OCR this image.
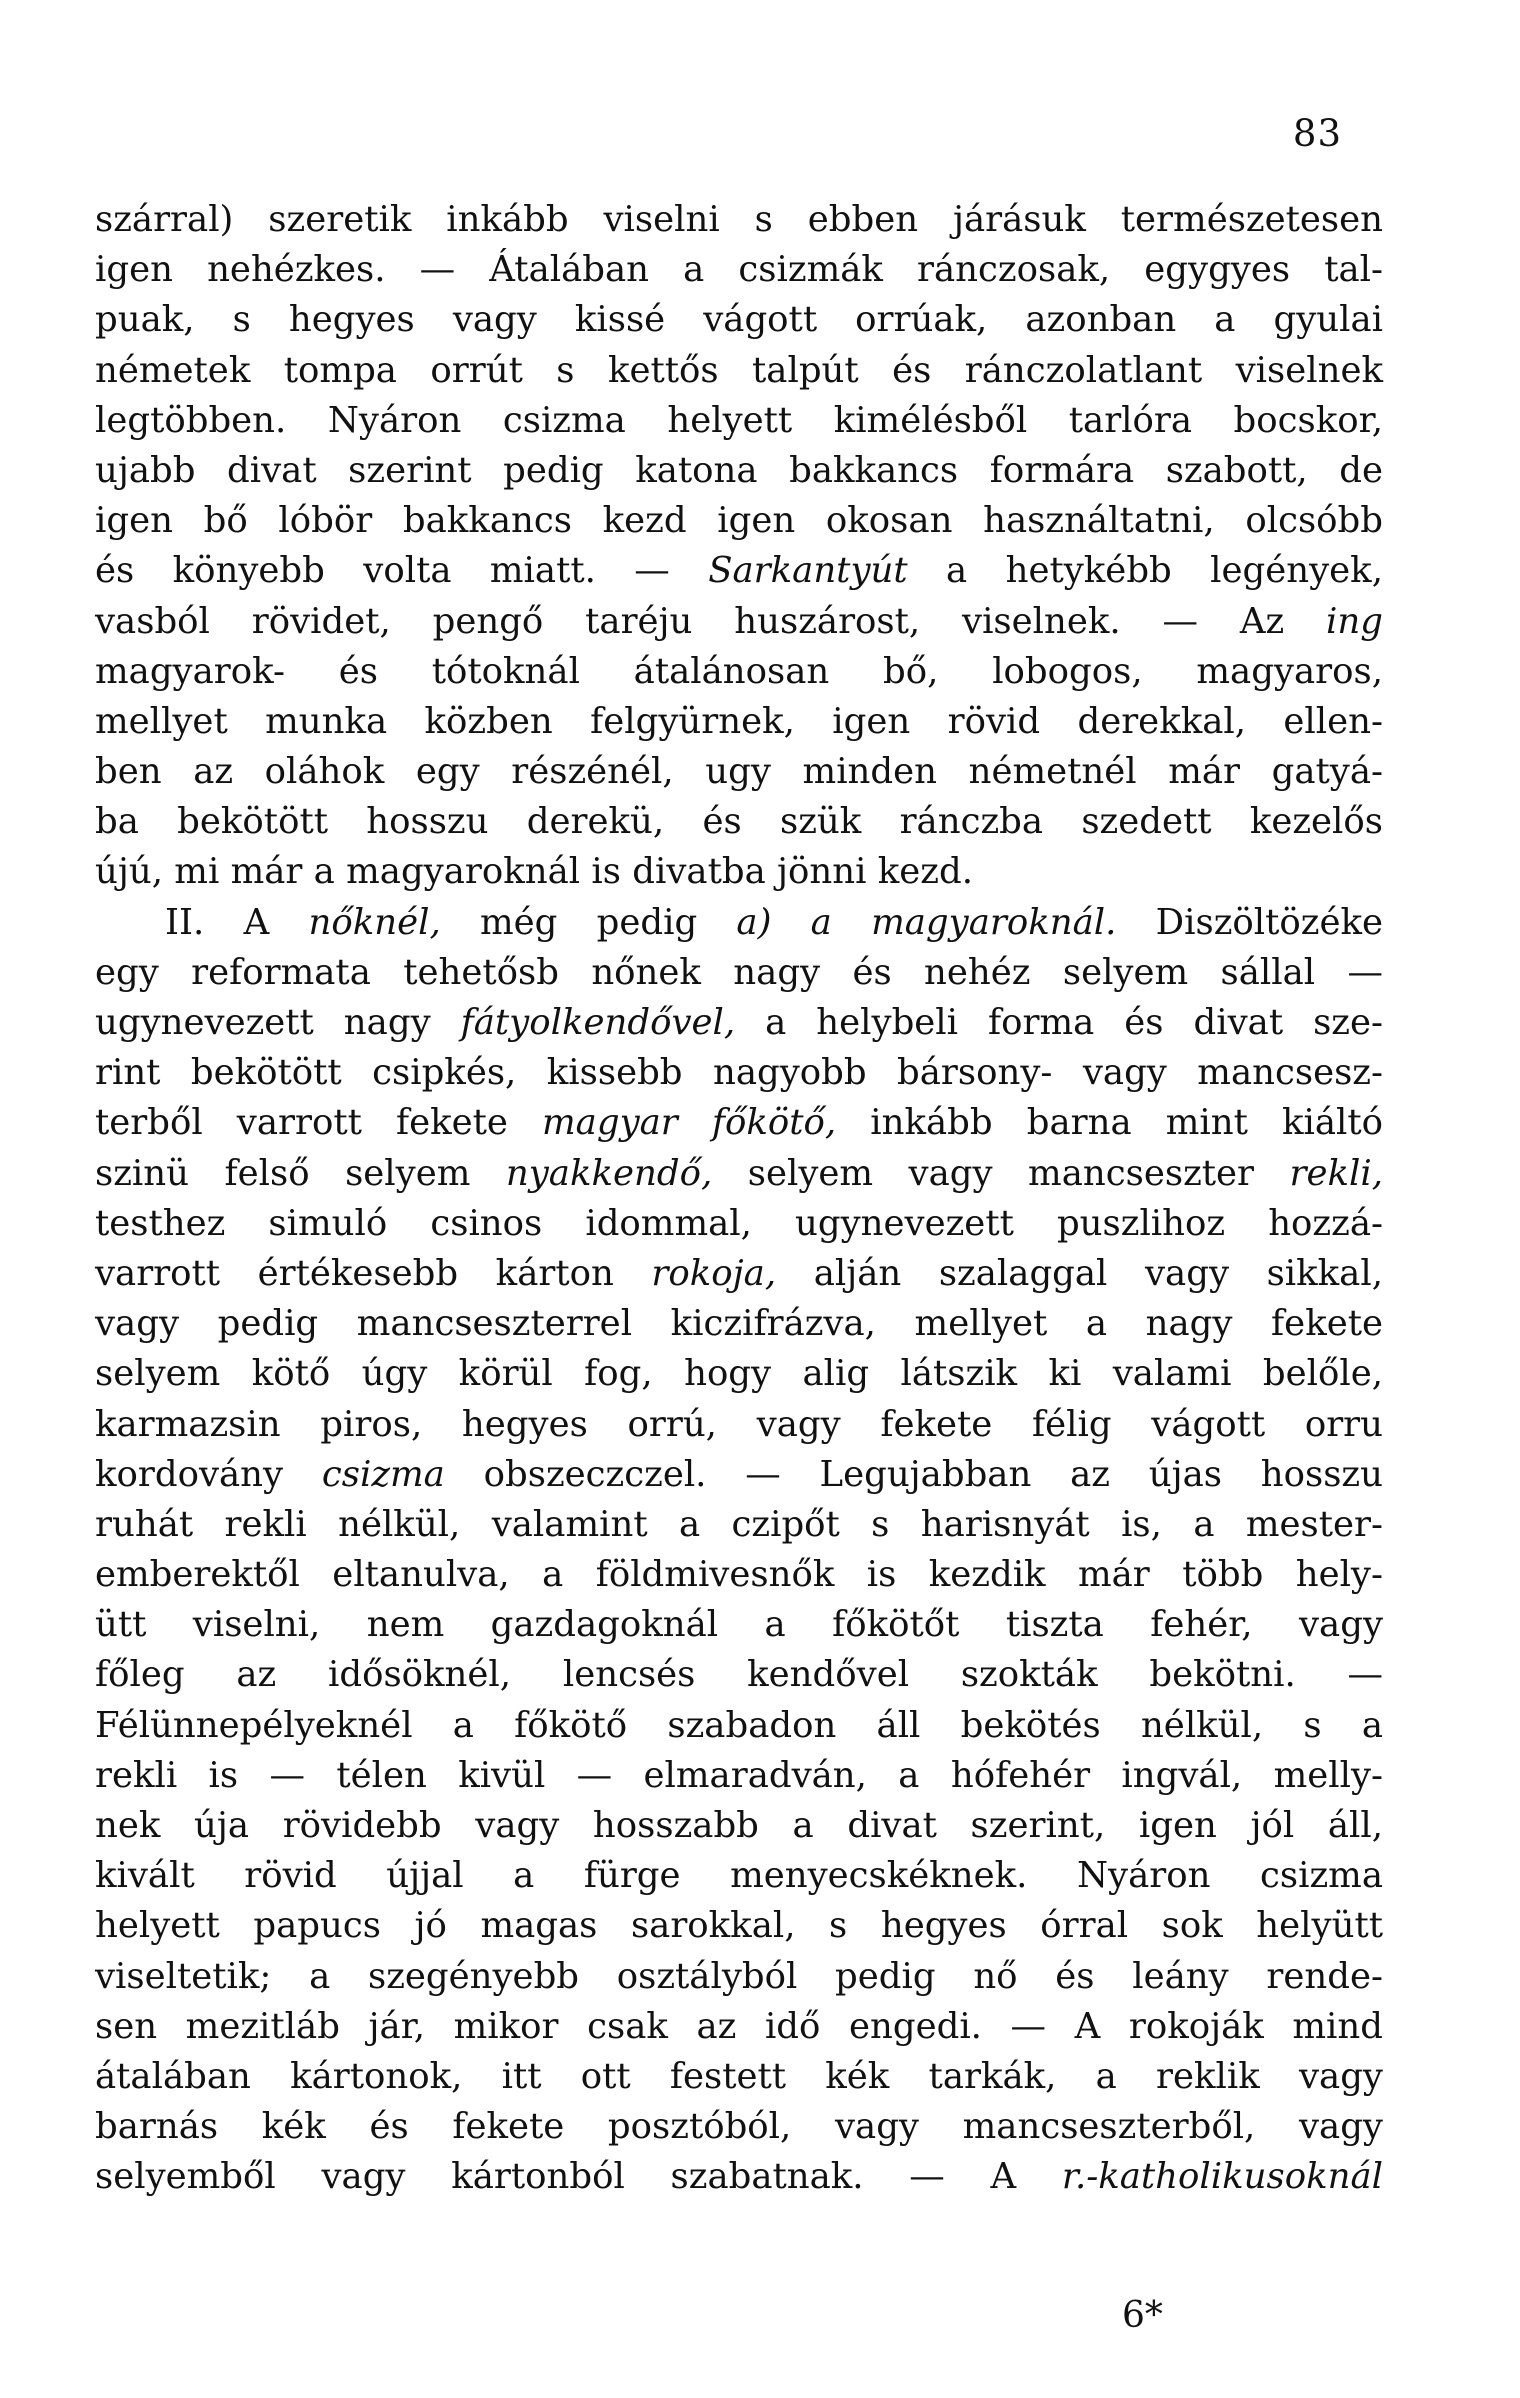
83
szárral) szeretik inkább viselni s ebben járásuk természetesen
igen nehézkes. — Átalában a csizmák ránczosak, egygyes tal-
puak, s hegyes vagy kissé vágott orrúak, azonban a gyulai
németek tompa orrút s kettős talpút és ránczolatlant viselnek
legtöbben. Nyáron csizma helyett kimélésből tarlóra bocskor,
ujabb divat szerint pedig katona bakkancs formára szabott, de
igen bő lóbör bakkancs kezd igen okosan használtatni, olcsóbb
és könyebb volta miatt. — Sarkantyút a hetykébb legények,
vasból rövidet, pengő taréju huszárost, viselnek. — Az ing
magyarok- és tótoknál átalánosan bő, lobogos, magyaros,
mellyet munka közben felgyürnek, igen rövid derekkal, ellen-
ben az oláhok egy részénél, ugy minden németnél már gatyá-
ba bekötött hosszu derekü, és szük ránczba szedett kezelős
újú, mi már a magyaroknál is divatba jönni kezd.
II. A nőknél, még pedig a) a magyaroknál. Diszöltözéke
egy reformata tehetősb nőnek nagy és nehéz selyem sállal —
ugynevezett nagy fátyolkendővel, a helybeli forma és divat sze-
rint bekötött csipkés, kissebb nagyobb bársony- vagy mancsesz-
terből varrott fekete magyar főkötő, inkább barna mint kiáltó
szinü felső selyem nyakkendő, selyem vagy mancseszter rekli,
testhez simuló csinos idommal, ugynevezett puszlihoz hozzá-
varrott értékesebb kárton rokoja, alján szalaggal vagy sikkal,
vagy pedig mancseszterrel kiczifrázva, mellyet a nagy fekete
selyem kötő úgy körül fog, hogy alig látszik ki valami belőle,
karmazsin piros, hegyes orrú, vagy fekete félig vágott orru
kordovány csizma obszeczczel. — Legujabban az újas hosszu
ruhát rekli nélkül, valamint a czipőt s harisnyát is, a mester-
emberektől eltanulva, a földmivesnők is kezdik már több hely-
ütt viselni, nem gazdagoknál a főkötőt tiszta fehér, vagy
főleg az idősöknél, lencsés kendővel szokták bekötni. —
Félünnepélyeknél a főkötő szabadon áll bekötés nélkül, s a
rekli is — télen kivül — elmaradván, a hófehér ingvál, melly-
nek úja rövidebb vagy hosszabb a divat szerint, igen jól áll,
kivált rövid újjal a fürge menyecskéknek. Nyáron csizma
helyett papucs jó magas sarokkal, s hegyes órral sok helyütt
viseltetik; a szegényebb osztályból pedig nő és leány rende-
sen mezitláb jár, mikor csak az idő engedi. — A rokoják mind
átalában kártonok, itt ott festett kék tarkák, a reklik vagy
barnás kék és fekete posztóból, vagy mancseszterből, vagy
selyemből vagy kártonból szabatnak. — A r.-katholikusoknál
6*
